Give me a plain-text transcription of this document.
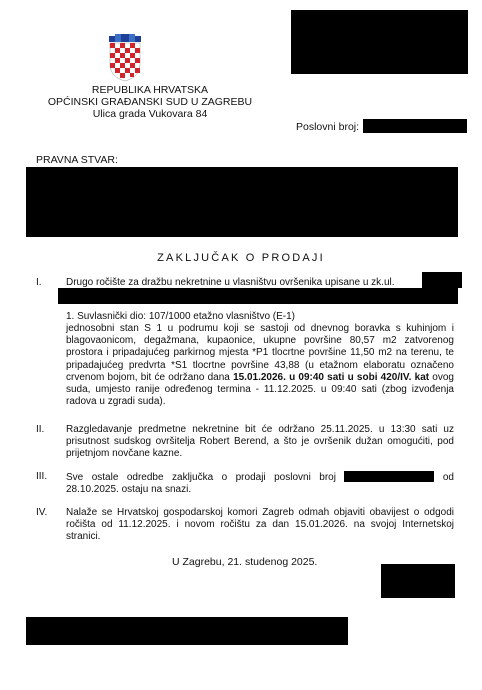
REPUBLIKA HRVATSKA
OPĆINSKI GRAĐANSKI SUD U ZAGREBU
Ulica grada Vukovara 84
Poslovni broj:
PRAVNA STVAR:
ZAKLJUČAK O PRODAJI
I. Drugo ročište za dražbu nekretnine u vlasništvu ovršenika upisane u zk.ul.
1. Suvlasnički dio: 107/1000 etažno vlasništvo (E-1)
jednosobni stan S 1 u podrumu koji se sastoji od dnevnog boravka s kuhinjom i blagovaonicom, degažmana, kupaonice, ukupne površine 80,57 m2 zatvorenog prostora i pripadajućeg parkirnog mjesta *P1 tlocrtne površine 11,50 m2 na terenu, te pripadajućeg predvrta *S1 tlocrtne površine 43,88 (u etažnom elaboratu označeno crvenom bojom, bit će održano dana 15.01.2026. u 09:40 sati u sobi 420/IV. kat ovog suda, umjesto ranije određenog termina - 11.12.2025. u 09:40 sati (zbog izvođenja radova u zgradi suda).
II. Razgledavanje predmetne nekretnine bit će održano 25.11.2025. u 13:30 sati uz prisutnost sudskog ovršitelja Robert Berend, a što je ovršenik dužan omogućiti, pod prijetnjom novčane kazne.
III. Sve ostale odredbe zaključka o prodaji poslovni broj	od 28.10.2025. ostaju na snazi.
IV. Nalaže se Hrvatskoj gospodarskoj komori Zagreb odmah objaviti obavijest o odgodi ročišta od 11.12.2025. i novom ročištu za dan 15.01.2026. na svojoj Internetskoj stranici.
U Zagrebu, 21. studenog 2025.
